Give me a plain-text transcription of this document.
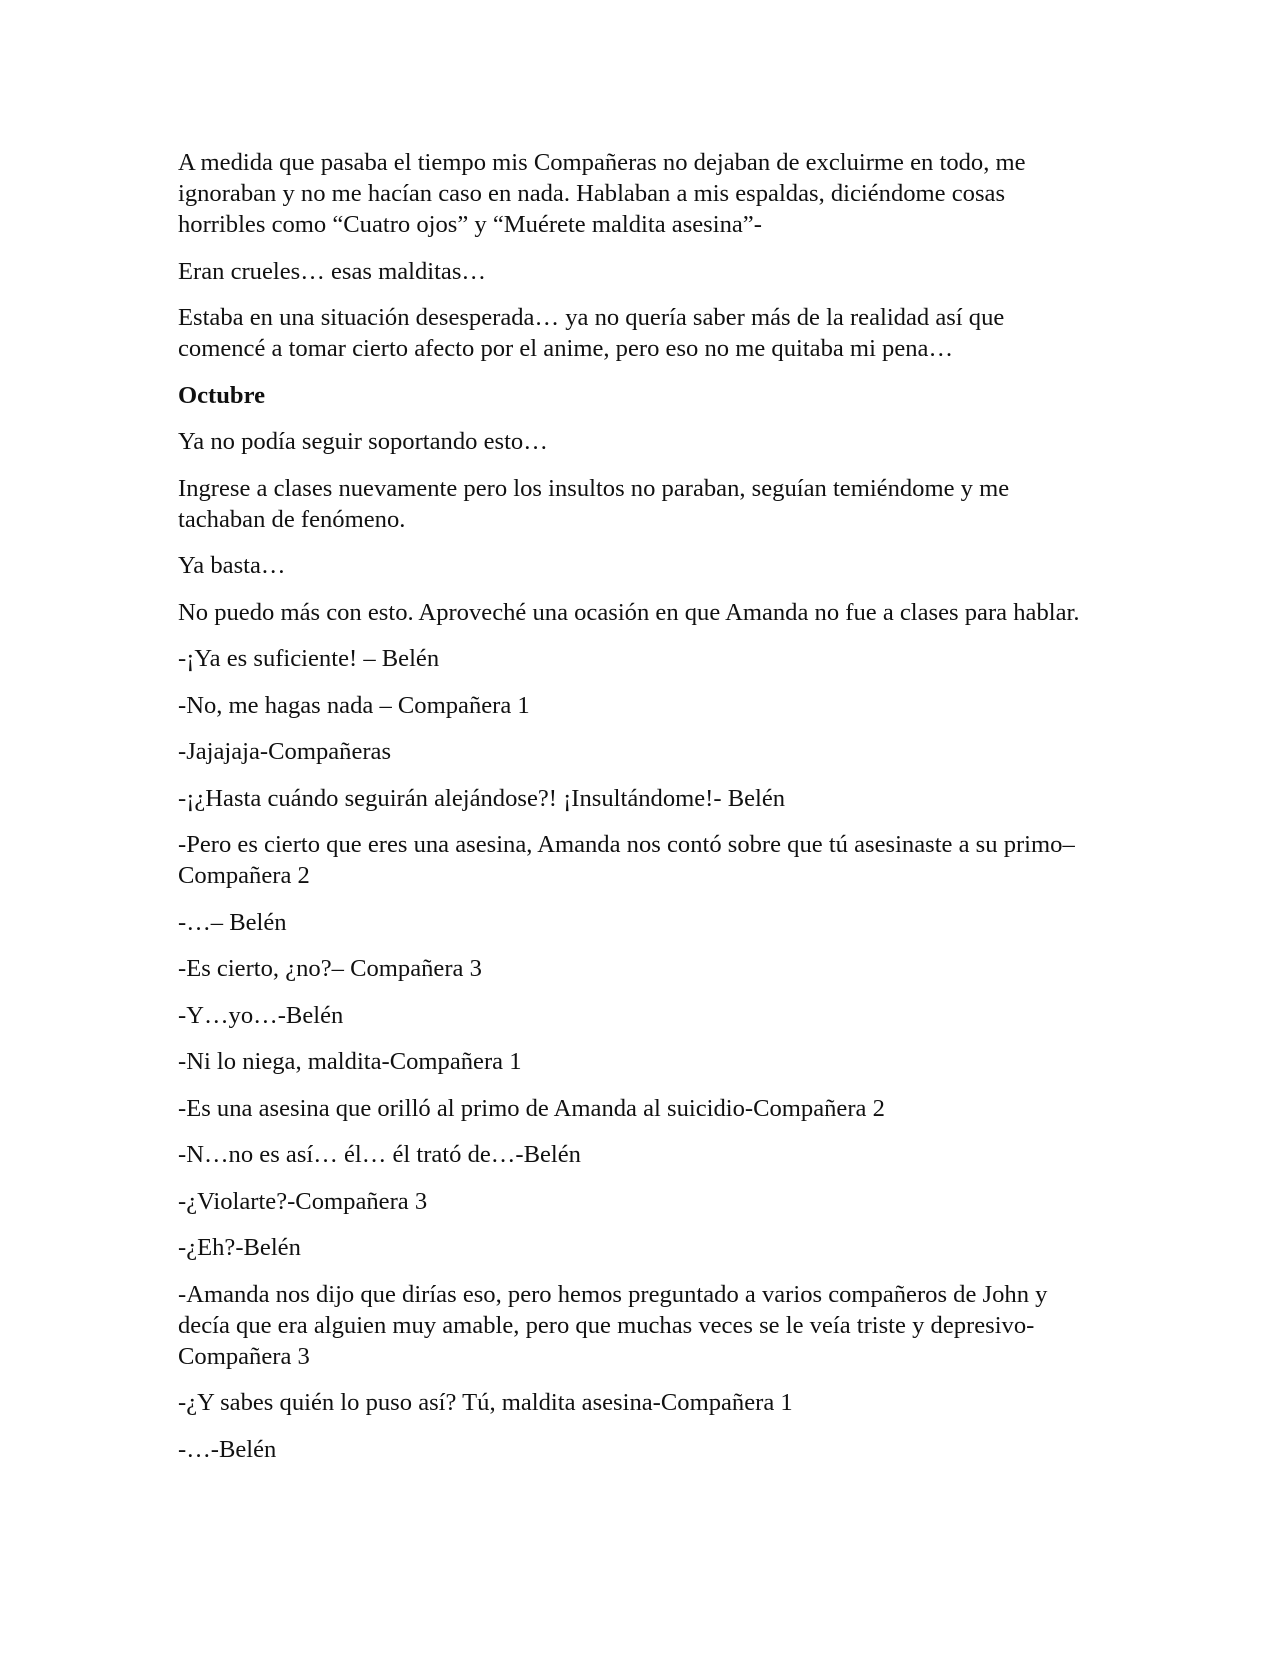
A medida que pasaba el tiempo mis Compañeras no dejaban de excluirme en todo, me
ignoraban y no me hacían caso en nada. Hablaban a mis espaldas, diciéndome cosas
horribles como “Cuatro ojos” y “Muérete maldita asesina”-

Eran crueles… esas malditas…

Estaba en una situación desesperada… ya no quería saber más de la realidad así que
comencé a tomar cierto afecto por el anime, pero eso no me quitaba mi pena…

Octubre

Ya no podía seguir soportando esto…

Ingrese a clases nuevamente pero los insultos no paraban, seguían temiéndome y me
tachaban de fenómeno.

Ya basta…

No puedo más con esto. Aproveché una ocasión en que Amanda no fue a clases para hablar.

-¡Ya es suficiente! – Belén

-No, me hagas nada – Compañera 1

-Jajajaja-Compañeras

-¡¿Hasta cuándo seguirán alejándose?! ¡Insultándome!- Belén

-Pero es cierto que eres una asesina, Amanda nos contó sobre que tú asesinaste a su primo–
Compañera 2

-…– Belén

-Es cierto, ¿no?– Compañera 3

-Y…yo…-Belén

-Ni lo niega, maldita-Compañera 1

-Es una asesina que orilló al primo de Amanda al suicidio-Compañera 2

-N…no es así… él… él trató de…-Belén

-¿Violarte?-Compañera 3

-¿Eh?-Belén

-Amanda nos dijo que dirías eso, pero hemos preguntado a varios compañeros de John y
decía que era alguien muy amable, pero que muchas veces se le veía triste y depresivo-
Compañera 3

-¿Y sabes quién lo puso así? Tú, maldita asesina-Compañera 1

-…-Belén
